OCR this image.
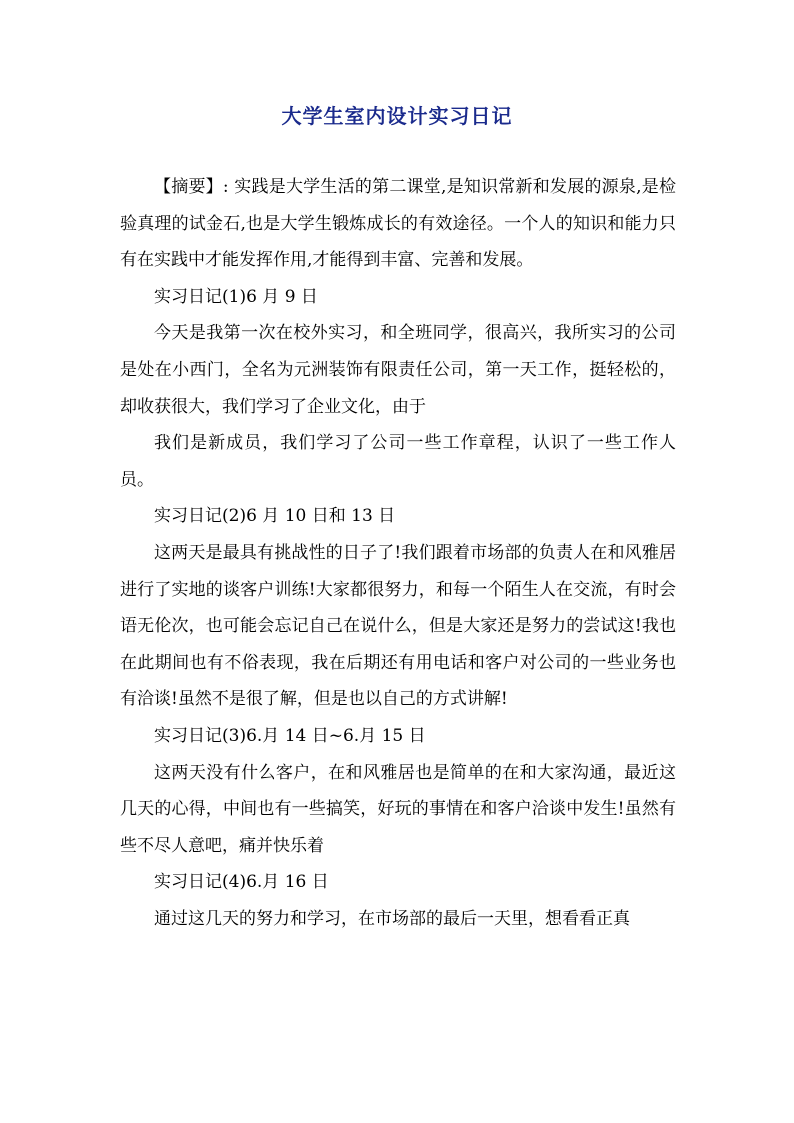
大学生室内设计实习日记

【摘要】: 实践是大学生活的第二课堂,是知识常新和发展的源泉,是检验真理的试金石,也是大学生锻炼成长的有效途径。一个人的知识和能力只有在实践中才能发挥作用,才能得到丰富、完善和发展。

实习日记(1)6 月 9 日

今天是我第一次在校外实习，和全班同学，很高兴，我所实习的公司是处在小西门，全名为元洲装饰有限责任公司，第一天工作，挺轻松的，却收获很大，我们学习了企业文化，由于

我们是新成员，我们学习了公司一些工作章程，认识了一些工作人员。

实习日记(2)6 月 10 日和 13 日

这两天是最具有挑战性的日子了!我们跟着市场部的负责人在和风雅居进行了实地的谈客户训练!大家都很努力，和每一个陌生人在交流，有时会语无伦次，也可能会忘记自己在说什么，但是大家还是努力的尝试这!我也在此期间也有不俗表现，我在后期还有用电话和客户对公司的一些业务也有洽谈!虽然不是很了解，但是也以自己的方式讲解!

实习日记(3)6.月 14 日~6.月 15 日

这两天没有什么客户，在和风雅居也是简单的在和大家沟通，最近这几天的心得，中间也有一些搞笑，好玩的事情在和客户洽谈中发生!虽然有些不尽人意吧，痛并快乐着

实习日记(4)6.月 16 日

通过这几天的努力和学习，在市场部的最后一天里，想看看正真
